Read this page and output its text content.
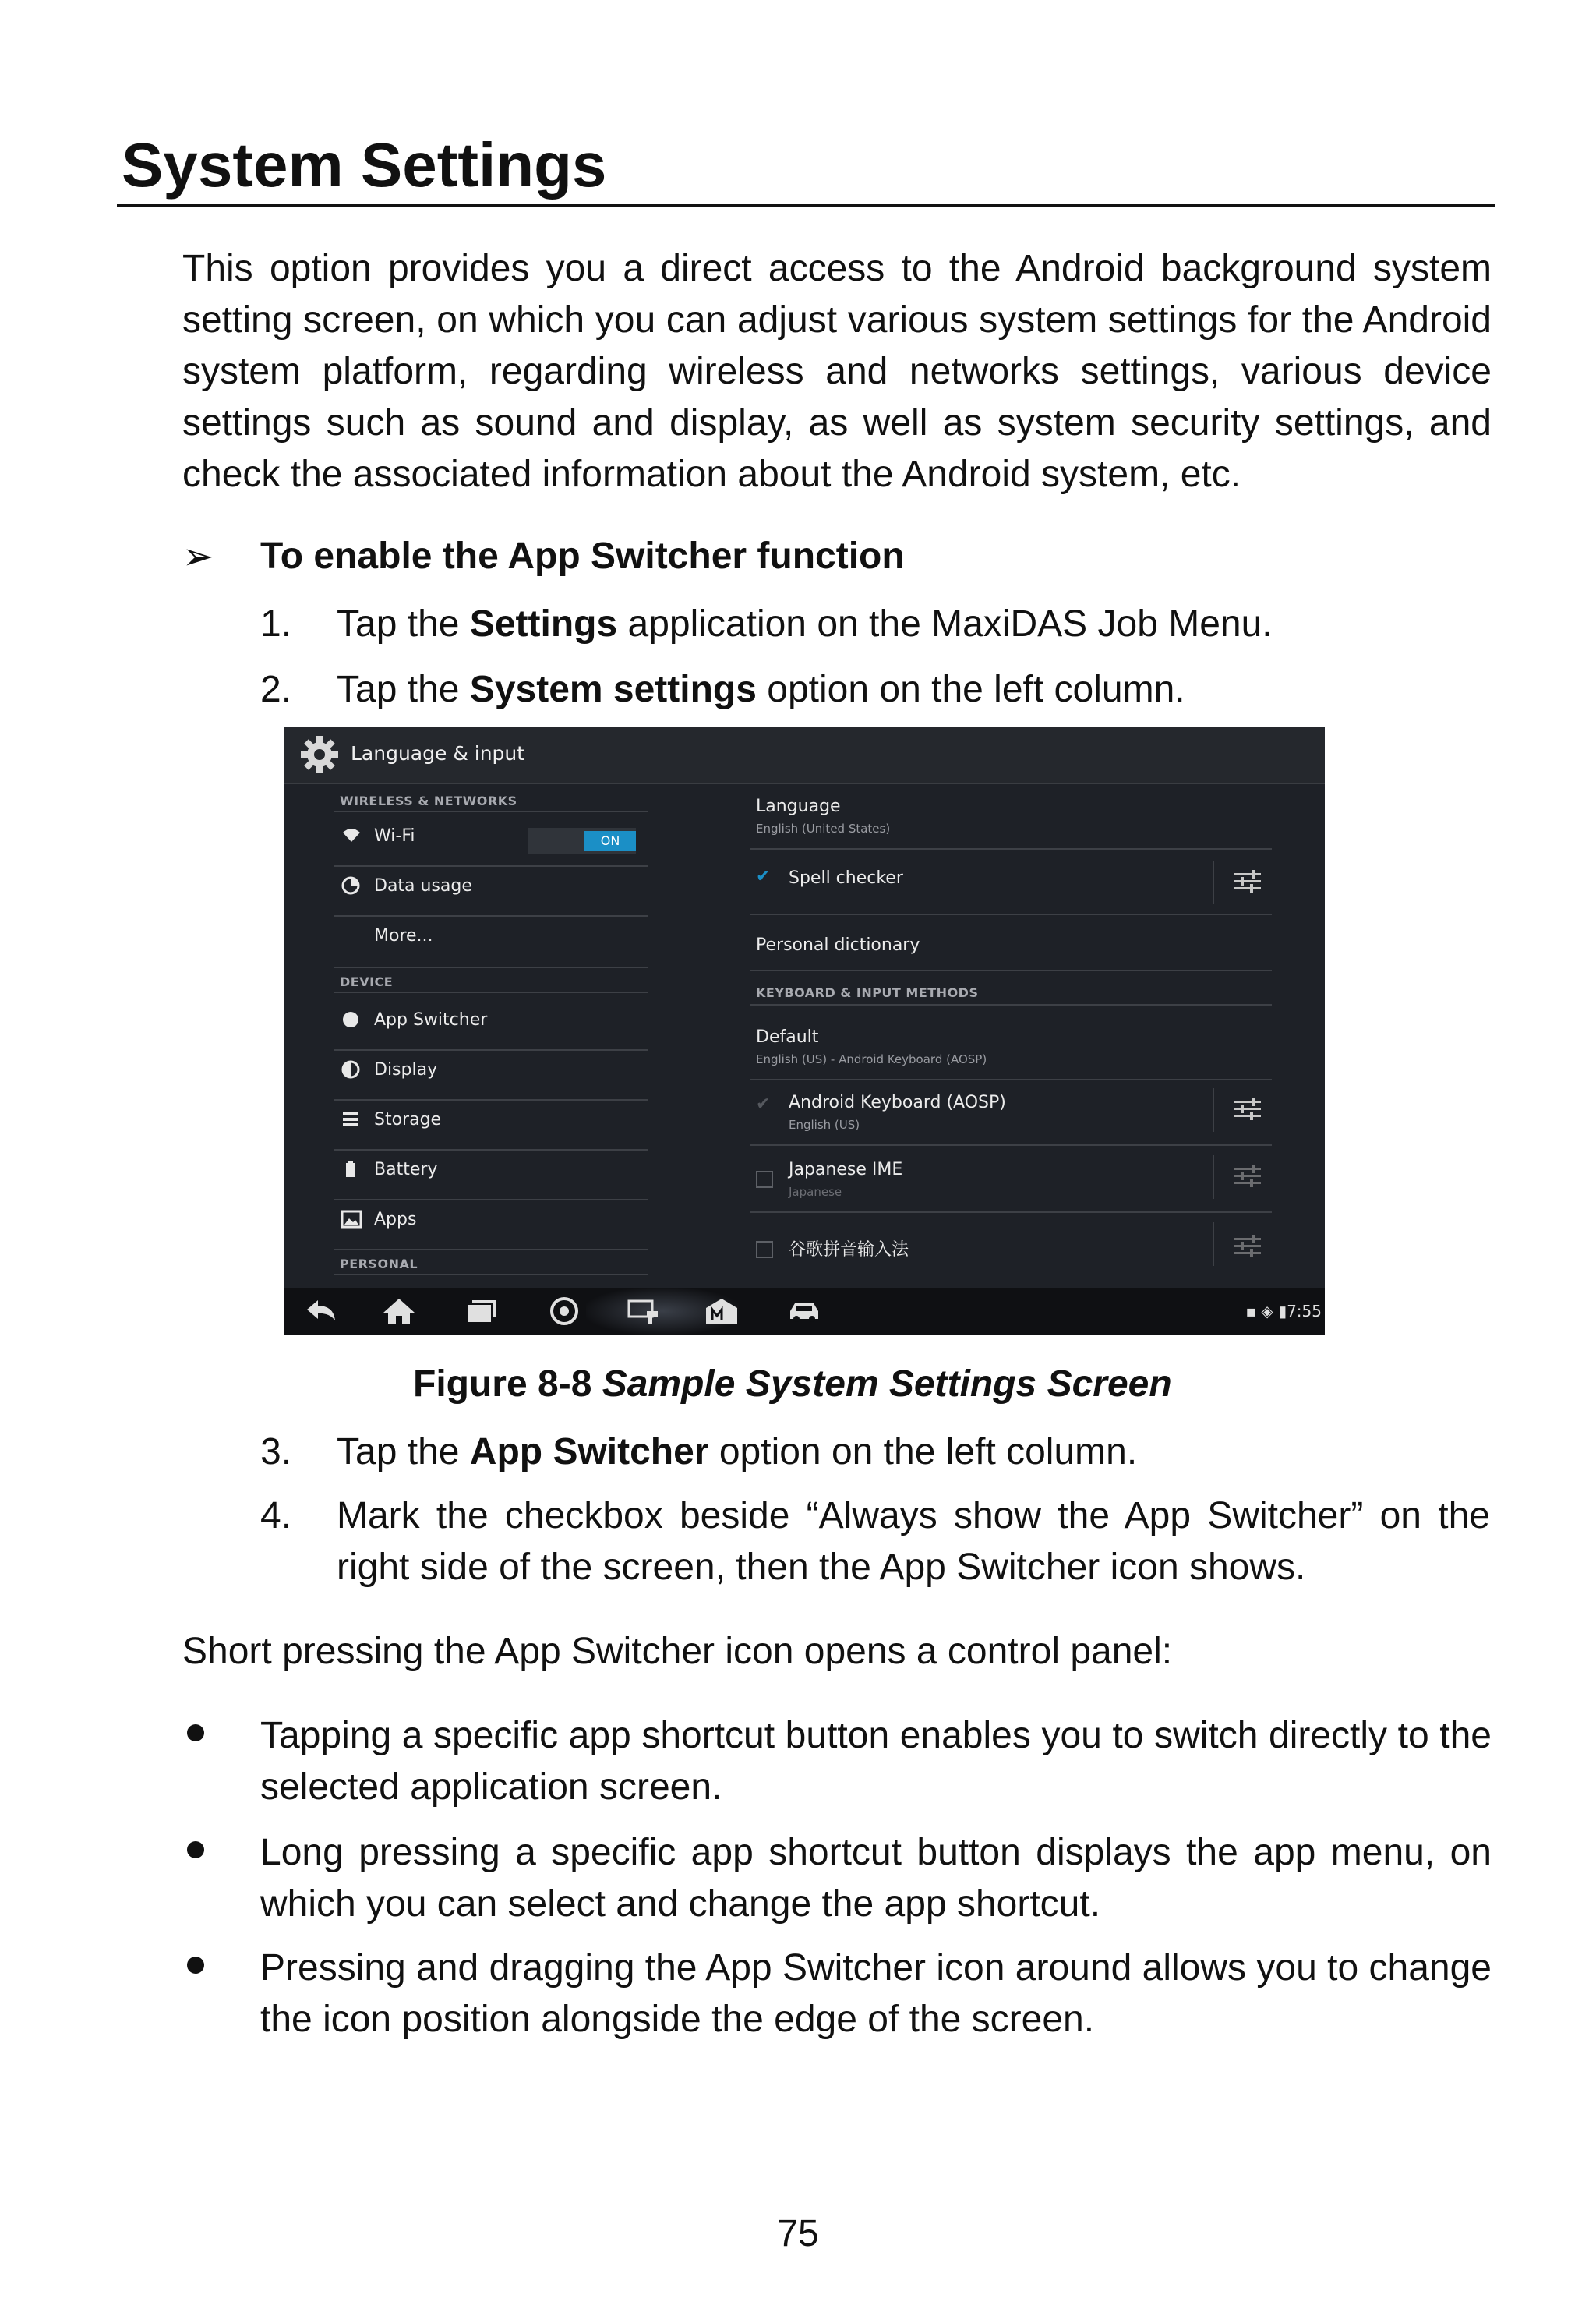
System Settings
This option provides you a direct access to the Android background system setting screen, on which you can adjust various system settings for the Android system platform, regarding wireless and networks settings, various device settings such as sound and display, as well as system security settings, and check the associated information about the Android system, etc.
➢ To enable the App Switcher function
1. Tap the Settings application on the MaxiDAS Job Menu.
2. Tap the System settings option on the left column.
Language & input
WIRELESS & NETWORKS
Wi-Fi	ON
Data usage
More...
DEVICE
App Switcher
Display
Storage
Battery
Apps
PERSONAL
Language
English (United States)
✔ Spell checker
Personal dictionary
KEYBOARD & INPUT METHODS
Default
English (US) - Android Keyboard (AOSP)
✔ Android Keyboard (AOSP)
English (US)
Japanese IME
Japanese
谷歌拼音输入法
▪ ◈ ▮7:55
Figure 8-8 Sample System Settings Screen
3. Tap the App Switcher option on the left column.
4. Mark the checkbox beside “Always show the App Switcher” on the right side of the screen, then the App Switcher icon shows.
Short pressing the App Switcher icon opens a control panel:
Tapping a specific app shortcut button enables you to switch directly to the selected application screen.
Long pressing a specific app shortcut button displays the app menu, on which you can select and change the app shortcut.
Pressing and dragging the App Switcher icon around allows you to change the icon position alongside the edge of the screen.
75
